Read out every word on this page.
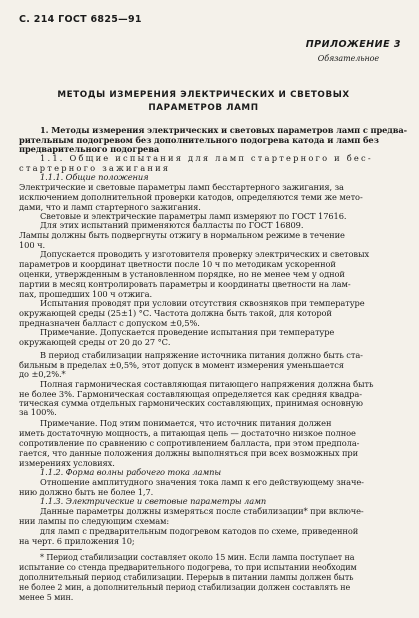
С. 214 ГОСТ 6825—91
ПРИЛОЖЕНИЕ 3
Обязательное
МЕТОДЫ ИЗМЕРЕНИЯ ЭЛЕКТРИЧЕСКИХ И СВЕТОВЫХ
ПАРАМЕТРОВ ЛАМП
1. Методы измерения электрических и световых параметров ламп с предва-
рительным подогревом без дополнительного подогрева катода и ламп без
предварительного подогрева
1.1. Общие испытания для ламп стартерного и бес-
стартерного зажигания
1.1.1. Общие положения
Электрические и световые параметры ламп бесстартерного зажигания, за
исключением дополнительной проверки катодов, определяются теми же мето-
дами, что и ламп стартерного зажигания.
Световые и электрические параметры ламп измеряют по ГОСТ 17616.
Для этих испытаний применяются балласты по ГОСТ 16809.
Лампы должны быть подвергнуты отжигу в нормальном режиме в течение
100 ч.
Допускается проводить у изготовителя проверку электрических и световых
параметров и координат цветности после 10 ч по методикам ускоренной
оценки, утвержденным в установленном порядке, но не менее чем у одной
партии в месяц контролировать параметры и координаты цветности на лам-
пах, прошедших 100 ч отжига.
Испытания проводят при условии отсутствия сквозняков при температуре
окружающей среды (25±1) °С. Частота должна быть такой, для которой
предназначен балласт с допуском ±0,5%.
Примечание. Допускается проведение испытания при температуре
окружающей среды от 20 до 27 °С.
В период стабилизации напряжение источника питания должно быть ста-
бильным в пределах ±0,5%, этот допуск в момент измерения уменьшается
до ±0,2%.*
Полная гармоническая составляющая питающего напряжения должна быть
не более 3%. Гармоническая составляющая определяется как средняя квадра-
тическая сумма отдельных гармонических составляющих, принимая основную
за 100%.
Примечание. Под этим понимается, что источник питания должен
иметь достаточную мощность, а питающая цепь — достаточно низкое полное
сопротивление по сравнению с сопротивлением балласта, при этом предпола-
гается, что данные положения должны выполняться при всех возможных при
измерениях условиях.
1.1.2. Форма волны рабочего тока лампы
Отношение амплитудного значения тока ламп к его действующему значе-
нию должно быть не более 1,7.
1.1.3. Электрические и световые параметры ламп
Данные параметры должны измеряться после стабилизации* при включе-
нии лампы по следующим схемам:
для ламп с предварительным подогревом катодов по схеме, приведенной
на черт. 6 приложения 10;
* Период стабилизации составляет около 15 мин. Если лампа поступает на
испытание со стенда предварительного подогрева, то при испытании необходим
дополнительный период стабилизации. Перерыв в питании лампы должен быть
не более 2 мин, а дополнительный период стабилизации должен составлять не
менее 5 мин.
